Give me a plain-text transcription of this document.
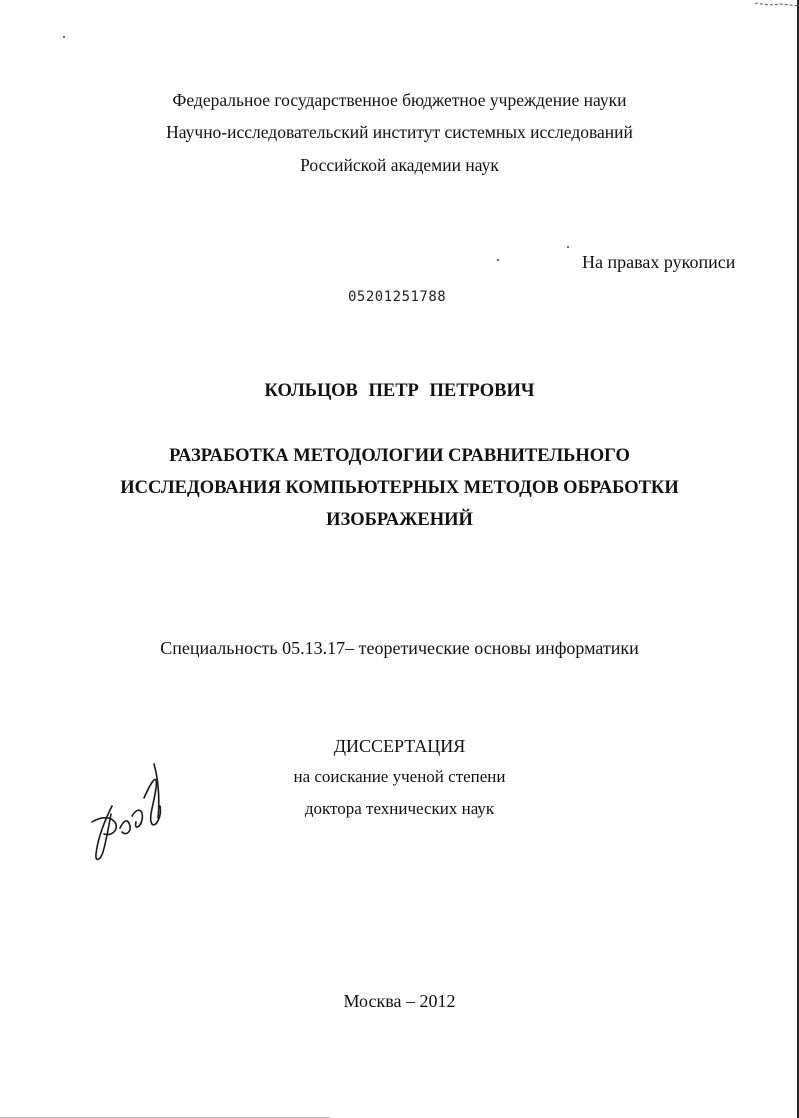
Федеральное государственное бюджетное учреждение науки
Научно-исследовательский институт системных исследований
Российской академии наук
На правах рукописи
05201251788
КОЛЬЦОВ ПЕТР ПЕТРОВИЧ
РАЗРАБОТКА МЕТОДОЛОГИИ СРАВНИТЕЛЬНОГО
ИССЛЕДОВАНИЯ КОМПЬЮТЕРНЫХ МЕТОДОВ ОБРАБОТКИ
ИЗОБРАЖЕНИЙ
Специальность 05.13.17– теоретические основы информатики
ДИССЕРТАЦИЯ
на соискание ученой степени
доктора технических наук
Москва – 2012
